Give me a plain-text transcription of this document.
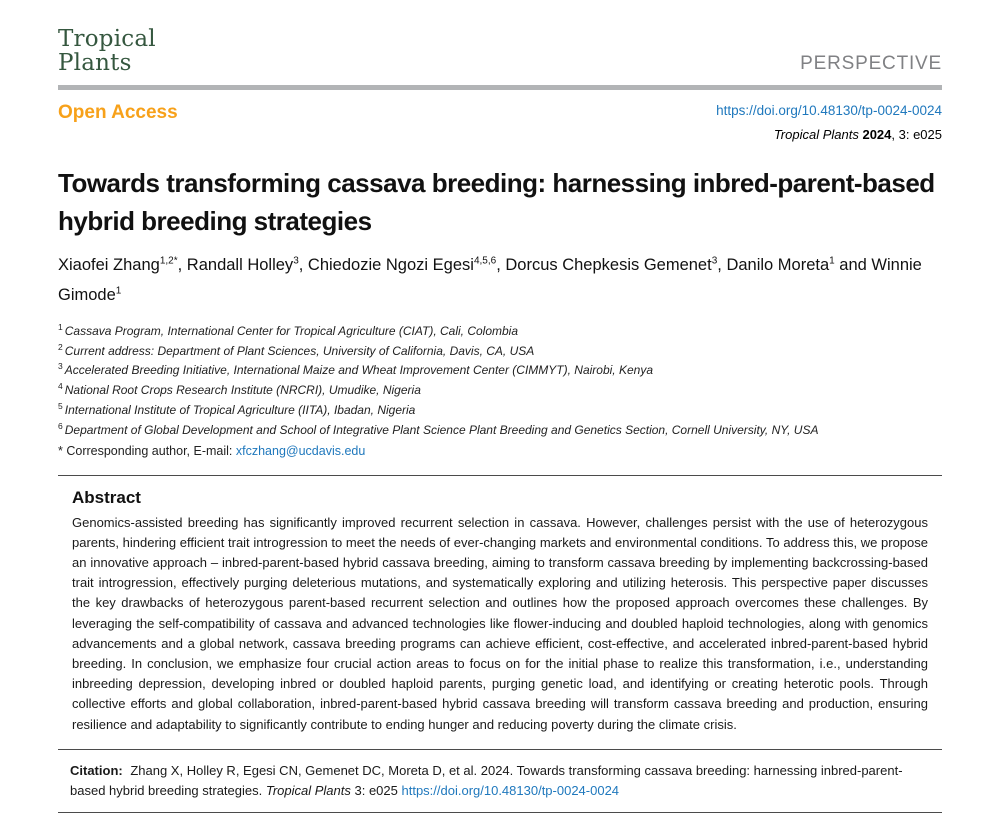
Tropical
Plants	PERSPECTIVE
Open Access	https://doi.org/10.48130/tp-0024-0024
Tropical Plants 2024, 3: e025
Towards transforming cassava breeding: harnessing inbred-parent-based hybrid breeding strategies

Xiaofei Zhang$^{1,2*}$, Randall Holley$^3$, Chiedozie Ngozi Egesi$^{4,5,6}$, Dorcus Chepkesis Gemenet$^3$, Danilo Moreta$^1$ and Winnie Gimode$^1$

$^1$ Cassava Program, International Center for Tropical Agriculture (CIAT), Cali, Colombia
$^2$ Current address: Department of Plant Sciences, University of California, Davis, CA, USA
$^3$ Accelerated Breeding Initiative, International Maize and Wheat Improvement Center (CIMMYT), Nairobi, Kenya
$^4$ National Root Crops Research Institute (NRCRI), Umudike, Nigeria
$^5$ International Institute of Tropical Agriculture (IITA), Ibadan, Nigeria
$^6$ Department of Global Development and School of Integrative Plant Science Plant Breeding and Genetics Section, Cornell University, NY, USA

* Corresponding author, E-mail: xfczhang@ucdavis.edu

Abstract

Genomics-assisted breeding has significantly improved recurrent selection in cassava. However, challenges persist with the use of heterozygous parents, hindering efficient trait introgression to meet the needs of ever-changing markets and environmental conditions. To address this, we propose an innovative approach – inbred-parent-based hybrid cassava breeding, aiming to transform cassava breeding by implementing backcrossing-based trait introgression, effectively purging deleterious mutations, and systematically exploring and utilizing heterosis. This perspective paper discusses the key drawbacks of heterozygous parent-based recurrent selection and outlines how the proposed approach overcomes these challenges. By leveraging the self-compatibility of cassava and advanced technologies like flower-inducing and doubled haploid technologies, along with genomics advancements and a global network, cassava breeding programs can achieve efficient, cost-effective, and accelerated inbred-parent-based hybrid breeding. In conclusion, we emphasize four crucial action areas to focus on for the initial phase to realize this transformation, i.e., understanding inbreeding depression, developing inbred or doubled haploid parents, purging genetic load, and identifying or creating heterotic pools. Through collective efforts and global collaboration, inbred-parent-based hybrid cassava breeding will transform cassava breeding and production, ensuring resilience and adaptability to significantly contribute to ending hunger and reducing poverty during the climate crisis.

Citation: Zhang X, Holley R, Egesi CN, Gemenet DC, Moreta D, et al. 2024. Towards transforming cassava breeding: harnessing inbred-parent-based hybrid breeding strategies. Tropical Plants 3: e025 https://doi.org/10.48130/tp-0024-0024
